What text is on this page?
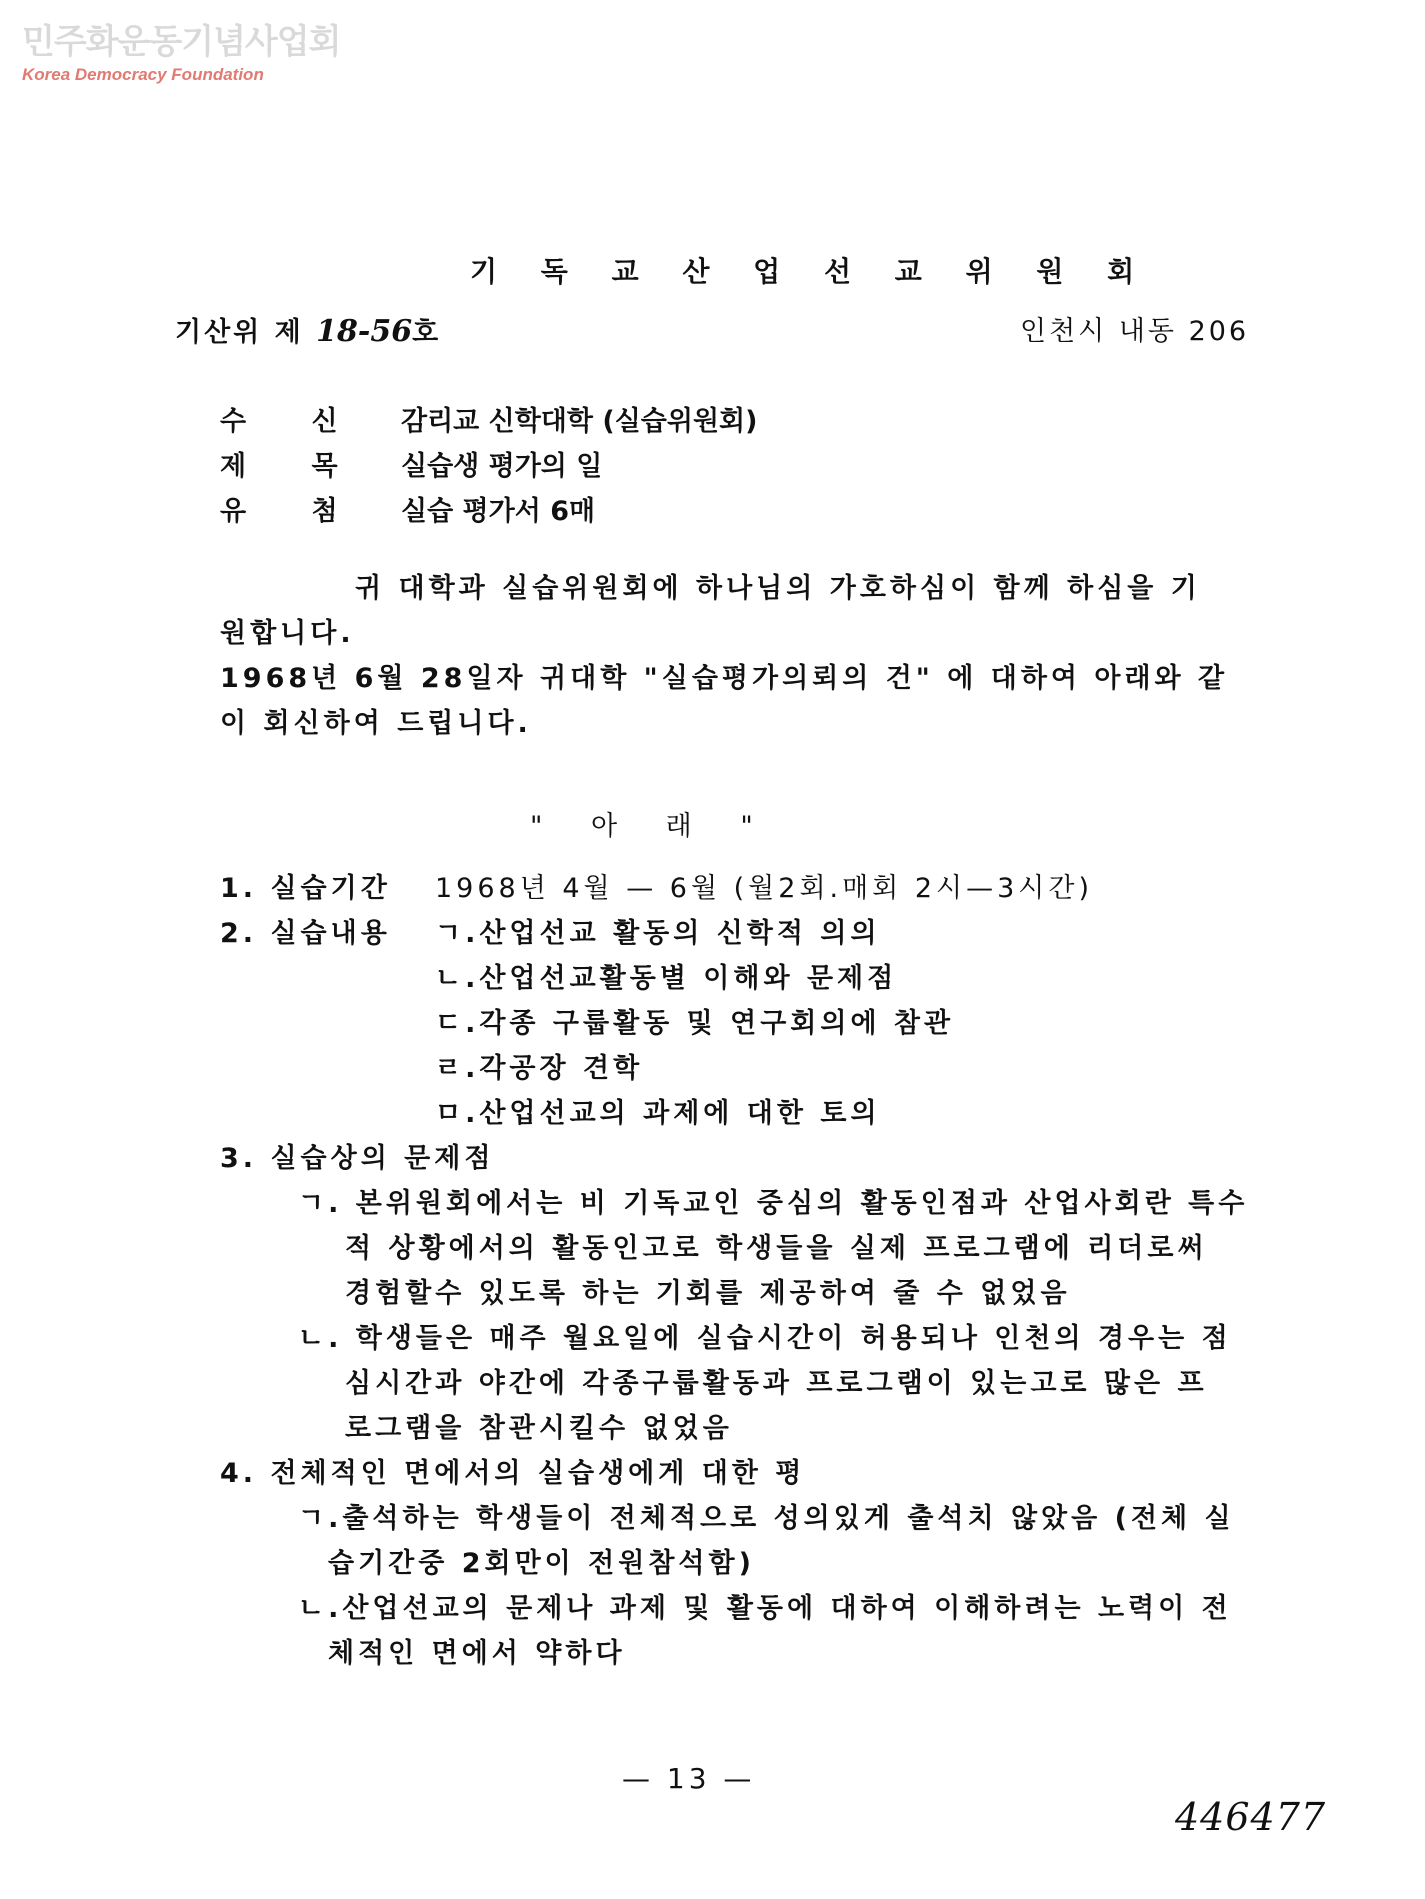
민주화운동기념사업회
Korea Democracy Foundation
기 독 교 산 업 선 교 위 원 회
기산위 제 18-56호	인천시 내동 206
수 신 감리교 신학대학 (실습위원회)
제 목 실습생 평가의 일
유 첨 실습 평가서 6매
귀 대학과 실습위원회에 하나님의 가호하심이 함께 하심을 기
원합니다.
1968년 6월 28일자 귀대학 "실습평가의뢰의 건" 에 대하여 아래와 같
이 회신하여 드립니다.
" 아 래 "
1. 실습기간 1968년 4월 — 6월 (월2회.매회 2시—3시간)
2. 실습내용 ㄱ.산업선교 활동의 신학적 의의
ㄴ.산업선교활동별 이해와 문제점
ㄷ.각종 구룹활동 및 연구회의에 참관
ㄹ.각공장 견학
ㅁ.산업선교의 과제에 대한 토의
3. 실습상의 문제점
ㄱ. 본위원회에서는 비 기독교인 중심의 활동인점과 산업사회란 특수
적 상황에서의 활동인고로 학생들을 실제 프로그램에 리더로써
경험할수 있도록 하는 기회를 제공하여 줄 수 없었음
ㄴ. 학생들은 매주 월요일에 실습시간이 허용되나 인천의 경우는 점
심시간과 야간에 각종구룹활동과 프로그램이 있는고로 많은 프
로그램을 참관시킬수 없었음
4. 전체적인 면에서의 실습생에게 대한 평
ㄱ.출석하는 학생들이 전체적으로 성의있게 출석치 않았음 (전체 실
습기간중 2회만이 전원참석함)
ㄴ.산업선교의 문제나 과제 및 활동에 대하여 이해하려는 노력이 전
체적인 면에서 약하다
— 13 —
446477
